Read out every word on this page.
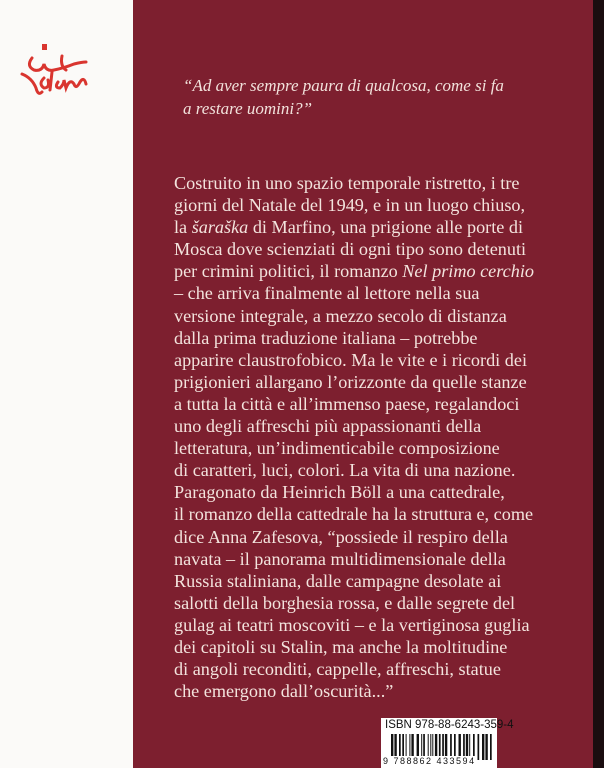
“Ad aver sempre paura di qualcosa, come si fa
a restare uomini?”
Costruito in uno spazio temporale ristretto, i tre
giorni del Natale del 1949, e in un luogo chiuso,
la šaraška di Marfino, una prigione alle porte di
Mosca dove scienziati di ogni tipo sono detenuti
per crimini politici, il romanzo Nel primo cerchio
– che arriva finalmente al lettore nella sua
versione integrale, a mezzo secolo di distanza
dalla prima traduzione italiana – potrebbe
apparire claustrofobico. Ma le vite e i ricordi dei
prigionieri allargano l’orizzonte da quelle stanze
a tutta la città e all’immenso paese, regalandoci
uno degli affreschi più appassionanti della
letteratura, un’indimenticabile composizione
di caratteri, luci, colori. La vita di una nazione.
Paragonato da Heinrich Böll a una cattedrale,
il romanzo della cattedrale ha la struttura e, come
dice Anna Zafesova, “possiede il respiro della
navata – il panorama multidimensionale della
Russia staliniana, dalle campagne desolate ai
salotti della borghesia rossa, e dalle segrete del
gulag ai teatri moscoviti – e la vertiginosa guglia
dei capitoli su Stalin, ma anche la moltitudine
di angoli reconditi, cappelle, affreschi, statue
che emergono dall’oscurità...”
ISBN 978-88-6243-359-4
9 788862 433594
